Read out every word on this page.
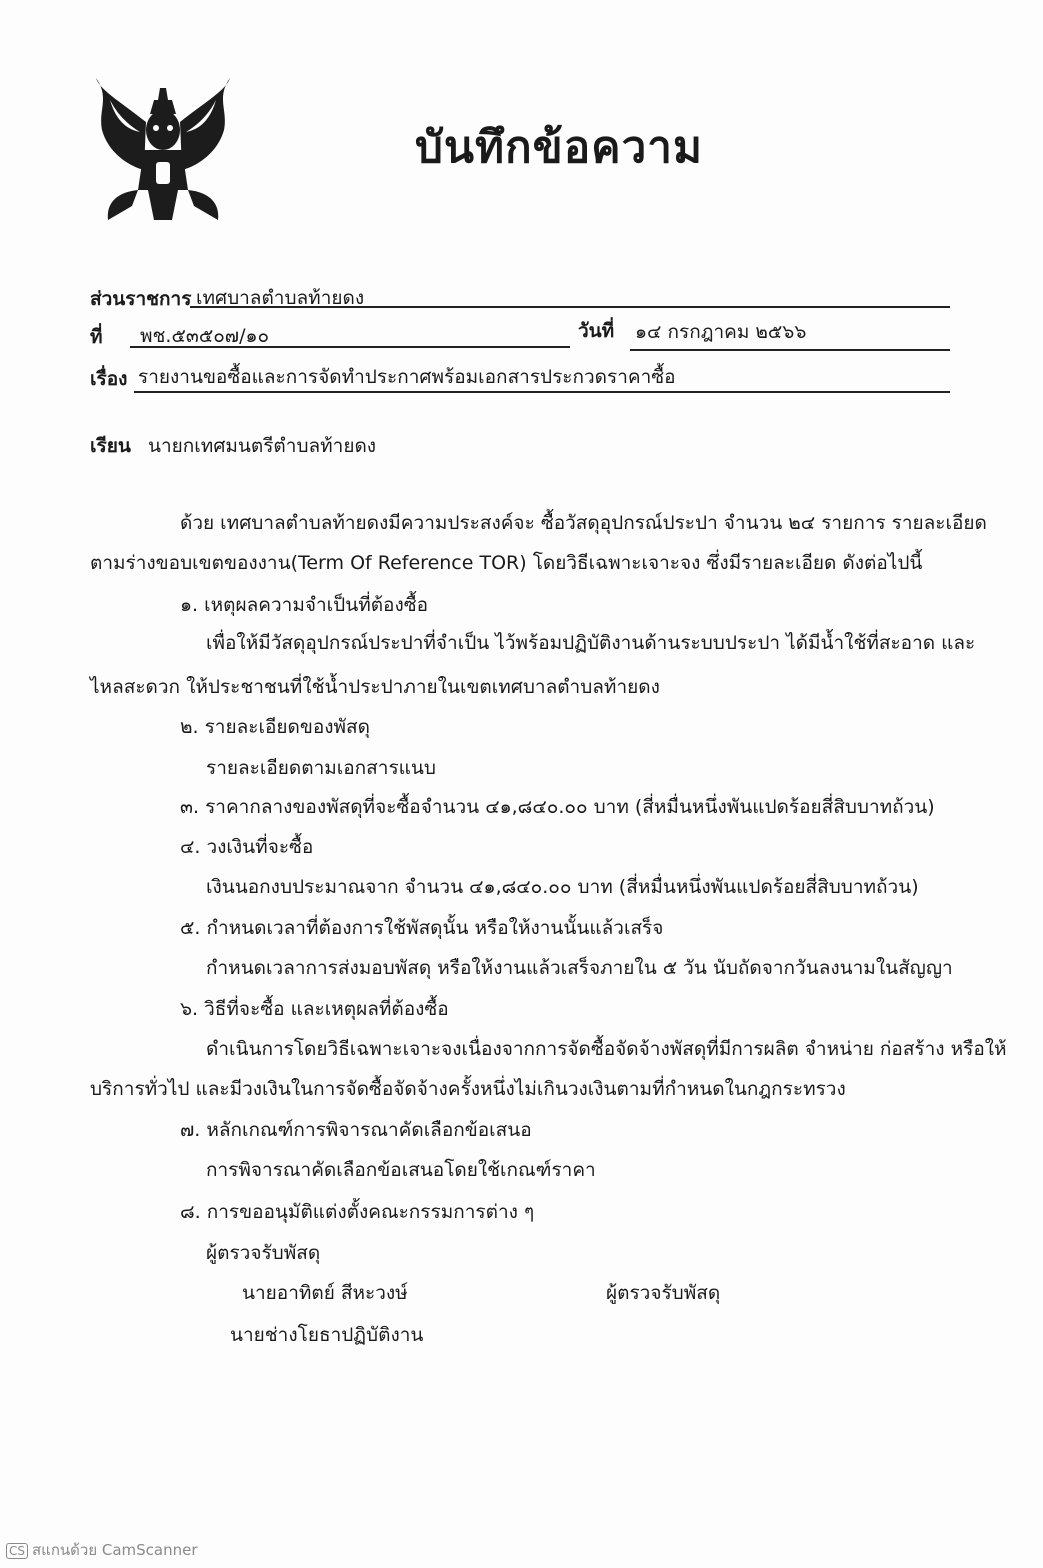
บันทึกข้อความ
ส่วนราชการ เทศบาลตำบลท้ายดง
ที่ พช.๕๓๕๐๗/๑๐	วันที่ ๑๔ กรกฎาคม ๒๕๖๖
เรื่อง รายงานขอซื้อและการจัดทำประกาศพร้อมเอกสารประกวดราคาซื้อ
เรียน นายกเทศมนตรีตำบลท้ายดง
ด้วย เทศบาลตำบลท้ายดงมีความประสงค์จะ ซื้อวัสดุอุปกรณ์ประปา จำนวน ๒๔ รายการ รายละเอียด
ตามร่างขอบเขตของงาน(Term Of Reference TOR) โดยวิธีเฉพาะเจาะจง ซึ่งมีรายละเอียด ดังต่อไปนี้
๑. เหตุผลความจำเป็นที่ต้องซื้อ
เพื่อให้มีวัสดุอุปกรณ์ประปาที่จำเป็น ไว้พร้อมปฏิบัติงานด้านระบบประปา ได้มีน้ำใช้ที่สะอาด และ
ไหลสะดวก ให้ประชาชนที่ใช้น้ำประปาภายในเขตเทศบาลตำบลท้ายดง
๒. รายละเอียดของพัสดุ
รายละเอียดตามเอกสารแนบ
๓. ราคากลางของพัสดุที่จะซื้อจำนวน ๔๑,๘๔๐.๐๐ บาท (สี่หมื่นหนึ่งพันแปดร้อยสี่สิบบาทถ้วน)
๔. วงเงินที่จะซื้อ
เงินนอกงบประมาณจาก จำนวน ๔๑,๘๔๐.๐๐ บาท (สี่หมื่นหนึ่งพันแปดร้อยสี่สิบบาทถ้วน)
๕. กำหนดเวลาที่ต้องการใช้พัสดุนั้น หรือให้งานนั้นแล้วเสร็จ
กำหนดเวลาการส่งมอบพัสดุ หรือให้งานแล้วเสร็จภายใน ๕ วัน นับถัดจากวันลงนามในสัญญา
๖. วิธีที่จะซื้อ และเหตุผลที่ต้องซื้อ
ดำเนินการโดยวิธีเฉพาะเจาะจงเนื่องจากการจัดซื้อจัดจ้างพัสดุที่มีการผลิต จำหน่าย ก่อสร้าง หรือให้
บริการทั่วไป และมีวงเงินในการจัดซื้อจัดจ้างครั้งหนึ่งไม่เกินวงเงินตามที่กำหนดในกฎกระทรวง
๗. หลักเกณฑ์การพิจารณาคัดเลือกข้อเสนอ
การพิจารณาคัดเลือกข้อเสนอโดยใช้เกณฑ์ราคา
๘. การขออนุมัติแต่งตั้งคณะกรรมการต่าง ๆ
ผู้ตรวจรับพัสดุ
นายอาทิตย์ สีหะวงษ์	ผู้ตรวจรับพัสดุ
นายช่างโยธาปฏิบัติงาน
CS สแกนด้วย CamScanner
